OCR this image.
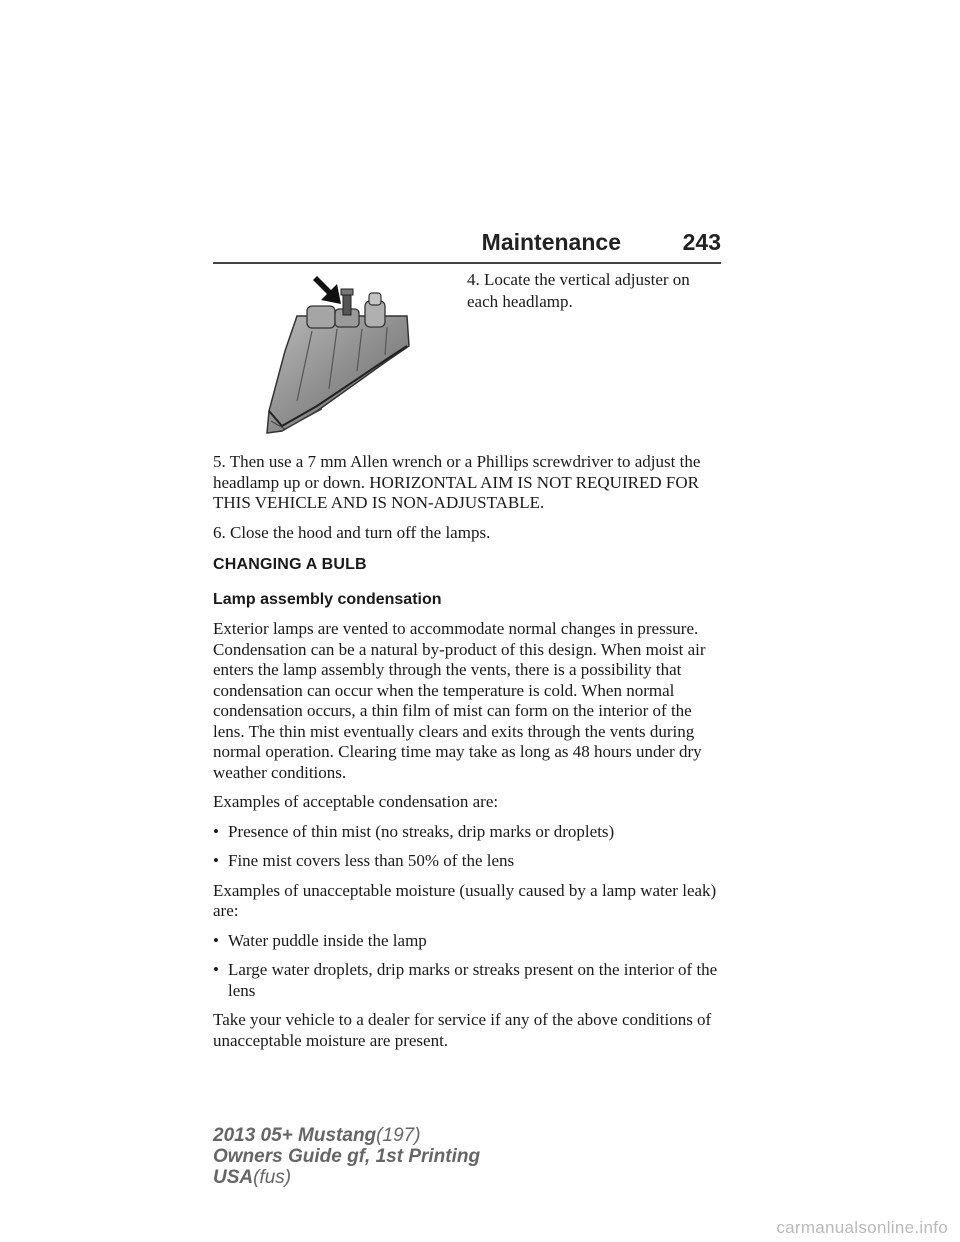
Maintenance	243
4. Locate the vertical adjuster on each headlamp.

5. Then use a 7 mm Allen wrench or a Phillips screwdriver to adjust the headlamp up or down. HORIZONTAL AIM IS NOT REQUIRED FOR THIS VEHICLE AND IS NON-ADJUSTABLE.

6. Close the hood and turn off the lamps.

CHANGING A BULB
Lamp assembly condensation

Exterior lamps are vented to accommodate normal changes in pressure. Condensation can be a natural by-product of this design. When moist air enters the lamp assembly through the vents, there is a possibility that condensation can occur when the temperature is cold. When normal condensation occurs, a thin film of mist can form on the interior of the lens. The thin mist eventually clears and exits through the vents during normal operation. Clearing time may take as long as 48 hours under dry weather conditions.

Examples of acceptable condensation are:

• Presence of thin mist (no streaks, drip marks or droplets)
• Fine mist covers less than 50% of the lens

Examples of unacceptable moisture (usually caused by a lamp water leak) are:

• Water puddle inside the lamp
• Large water droplets, drip marks or streaks present on the interior of the lens

Take your vehicle to a dealer for service if any of the above conditions of unacceptable moisture are present.

2013 05+ Mustang(197)
Owners Guide gf, 1st Printing
USA(fus)
carmanualsonline.info
